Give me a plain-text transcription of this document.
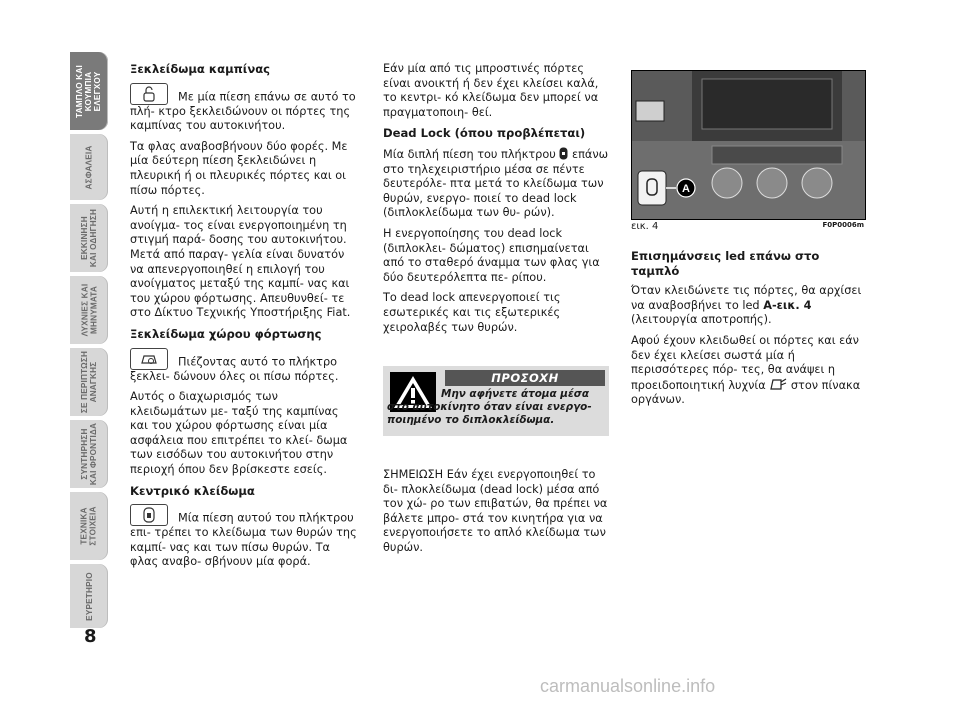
ΤΑΜΠΛΟ ΚΑΙ
ΚΟΥΜΠΙΑ
ΕΛΕΓΧΟΥ
ΑΣΦΑΛΕΙΑ
ΕΚΚΙΝΗΣΗ
ΚΑΙ ΟΔΗΓΗΣΗ
ΛΥΧΝΙΕΣ ΚΑΙ
ΜΗΝΥΜΑΤΑ
ΣΕ ΠΕΡΙΠΤΩΣΗ
ΑΝΑΓΚΗΣ
ΣΥΝΤΗΡΗΣΗ
ΚΑΙ ΦΡΟΝΤΙΔΑ
ΤΕΧΝΙΚΑ
ΣΤΟΙΧΕΙΑ
ΕΥΡΕΤΗΡΙΟ
8
Ξεκλείδωμα καμπίνας

Με μία πίεση επάνω σε αυτό το πλή- κτρο ξεκλειδώνουν οι πόρτες της καμπίνας του αυτοκινήτου.

Τα φλας αναβοσβήνουν δύο φορές. Με μία δεύτερη πίεση ξεκλειδώνει η πλευρική ή οι πλευρικές πόρτες και οι πίσω πόρτες.

Αυτή η επιλεκτική λειτουργία του ανοίγμα- τος είναι ενεργοποιημένη τη στιγμή παρά- δοσης του αυτοκινήτου. Μετά από παραγ- γελία είναι δυνατόν να απενεργοποιηθεί η επιλογή του ανοίγματος μεταξύ της καμπί- νας και του χώρου φόρτωσης. Απευθυνθεί- τε στο Δίκτυο Τεχνικής Υποστήριξης Fiat.

Ξεκλείδωμα χώρου φόρτωσης

Πιέζοντας αυτό το πλήκτρο ξεκλει- δώνουν όλες οι πίσω πόρτες.

Αυτός ο διαχωρισμός των κλειδωμάτων με- ταξύ της καμπίνας και του χώρου φόρτωσης είναι μία ασφάλεια που επιτρέπει το κλεί- δωμα των εισόδων του αυτοκινήτου στην περιοχή όπου δεν βρίσκεστε εσείς.

Κεντρικό κλείδωμα

Μία πίεση αυτού του πλήκτρου επι- τρέπει το κλείδωμα των θυρών της καμπί- νας και των πίσω θυρών. Τα φλας αναβο- σβήνουν μία φορά.

Εάν μία από τις μπροστινές πόρτες είναι ανοικτή ή δεν έχει κλείσει καλά, το κεντρι- κό κλείδωμα δεν μπορεί να πραγματοποιη- θεί.

Dead Lock (όπου προβλέπεται)

Μία διπλή πίεση του πλήκτρου επάνω στο τηλεχειριστήριο μέσα σε πέντε δευτερόλε- πτα μετά το κλείδωμα των θυρών, ενεργο- ποιεί το dead lock (διπλοκλείδωμα των θυ- ρών).

Η ενεργοποίησης του dead lock (διπλοκλει- δώματος) επισημαίνεται από το σταθερό άναμμα των φλας για δύο δευτερόλεπτα πε- ρίπου.

Το dead lock απενεργοποιεί τις εσωτερικές και τις εξωτερικές χειρολαβές των θυρών.

ΠΡΟΣΟΧΗ
Μην αφήνετε άτομα μέσα στο αυτοκίνητο όταν είναι ενεργο- ποιημένο το διπλοκλείδωμα.

ΣΗΜΕΙΩΣΗ Εάν έχει ενεργοποιηθεί το δι- πλοκλείδωμα (dead lock) μέσα από τον χώ- ρο των επιβατών, θα πρέπει να βάλετε μπρο- στά τον κινητήρα για να ενεργοποιήσετε το απλό κλείδωμα των θυρών.

A
εικ. 4	F0P0006m
Επισημάνσεις led επάνω στο ταμπλό

Όταν κλειδώνετε τις πόρτες, θα αρχίσει να αναβοσβήνει το led A-εικ. 4 (λειτουργία αποτροπής).

Αφού έχουν κλειδωθεί οι πόρτες και εάν δεν έχει κλείσει σωστά μία ή περισσότερες πόρ- τες, θα ανάψει η προειδοποιητική λυχνία στον πίνακα οργάνων.

carmanualsonline.info
